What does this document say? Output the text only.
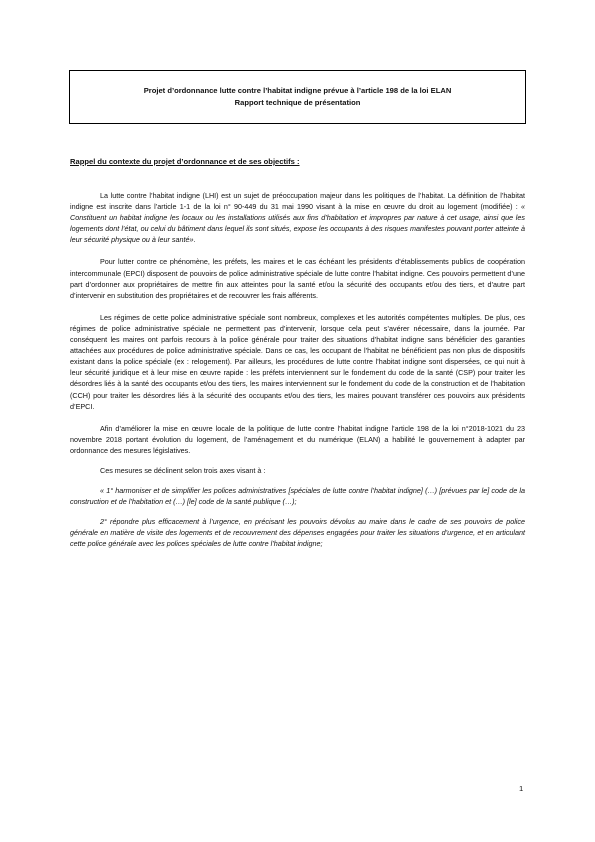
Projet d’ordonnance lutte contre l’habitat indigne prévue à l’article 198 de la loi ELAN
Rapport technique de présentation
Rappel du contexte du projet d’ordonnance et de ses objectifs :

La lutte contre l’habitat indigne (LHI) est un sujet de préoccupation majeur dans les politiques de l’habitat. La définition de l’habitat indigne est inscrite dans l’article 1-1 de la loi n° 90-449 du 31 mai 1990 visant à la mise en œuvre du droit au logement (modifiée) : « Constituent un habitat indigne les locaux ou les installations utilisés aux fins d’habitation et impropres par nature à cet usage, ainsi que les logements dont l’état, ou celui du bâtiment dans lequel ils sont situés, expose les occupants à des risques manifestes pouvant porter atteinte à leur sécurité physique ou à leur santé».

Pour lutter contre ce phénomène, les préfets, les maires et le cas échéant les présidents d’établissements publics de coopération intercommunale (EPCI) disposent de pouvoirs de police administrative spéciale de lutte contre l’habitat indigne. Ces pouvoirs permettent d’une part d’ordonner aux propriétaires de mettre fin aux atteintes pour la santé et/ou la sécurité des occupants et/ou des tiers, et d’autre part d’intervenir en substitution des propriétaires et de recouvrer les frais afférents.

Les régimes de cette police administrative spéciale sont nombreux, complexes et les autorités compétentes multiples. De plus, ces régimes de police administrative spéciale ne permettent pas d’intervenir, lorsque cela peut s’avérer nécessaire, dans la journée. Par conséquent les maires ont parfois recours à la police générale pour traiter des situations d’habitat indigne sans bénéficier des garanties attachées aux procédures de police administrative spéciale. Dans ce cas, les occupant de l’habitat ne bénéficient pas non plus de dispositifs existant dans la police spéciale (ex : relogement). Par ailleurs, les procédures de lutte contre l’habitat indigne sont dispersées, ce qui nuit à leur sécurité juridique et à leur mise en œuvre rapide : les préfets interviennent sur le fondement du code de la santé (CSP) pour traiter les désordres liés à la santé des occupants et/ou des tiers, les maires interviennent sur le fondement du code de la construction et de l’habitation (CCH) pour traiter les désordres liés à la sécurité des occupants et/ou des tiers, les maires pouvant transférer ces pouvoirs aux présidents d’EPCI.

Afin d’améliorer la mise en œuvre locale de la politique de lutte contre l’habitat indigne l’article 198 de la loi n°2018-1021 du 23 novembre 2018 portant évolution du logement, de l’aménagement et du numérique (ELAN) a habilité le gouvernement à adapter par ordonnance des mesures législatives.

Ces mesures se déclinent selon trois axes visant à :

« 1° harmoniser et de simplifier les polices administratives [spéciales de lutte contre l’habitat indigne] (…) [prévues par le] code de la construction et de l’habitation et (…) [le] code de la santé publique (…);

2° répondre plus efficacement à l’urgence, en précisant les pouvoirs dévolus au maire dans le cadre de ses pouvoirs de police générale en matière de visite des logements et de recouvrement des dépenses engagées pour traiter les situations d’urgence, et en articulant cette police générale avec les polices spéciales de lutte contre l’habitat indigne;

1
